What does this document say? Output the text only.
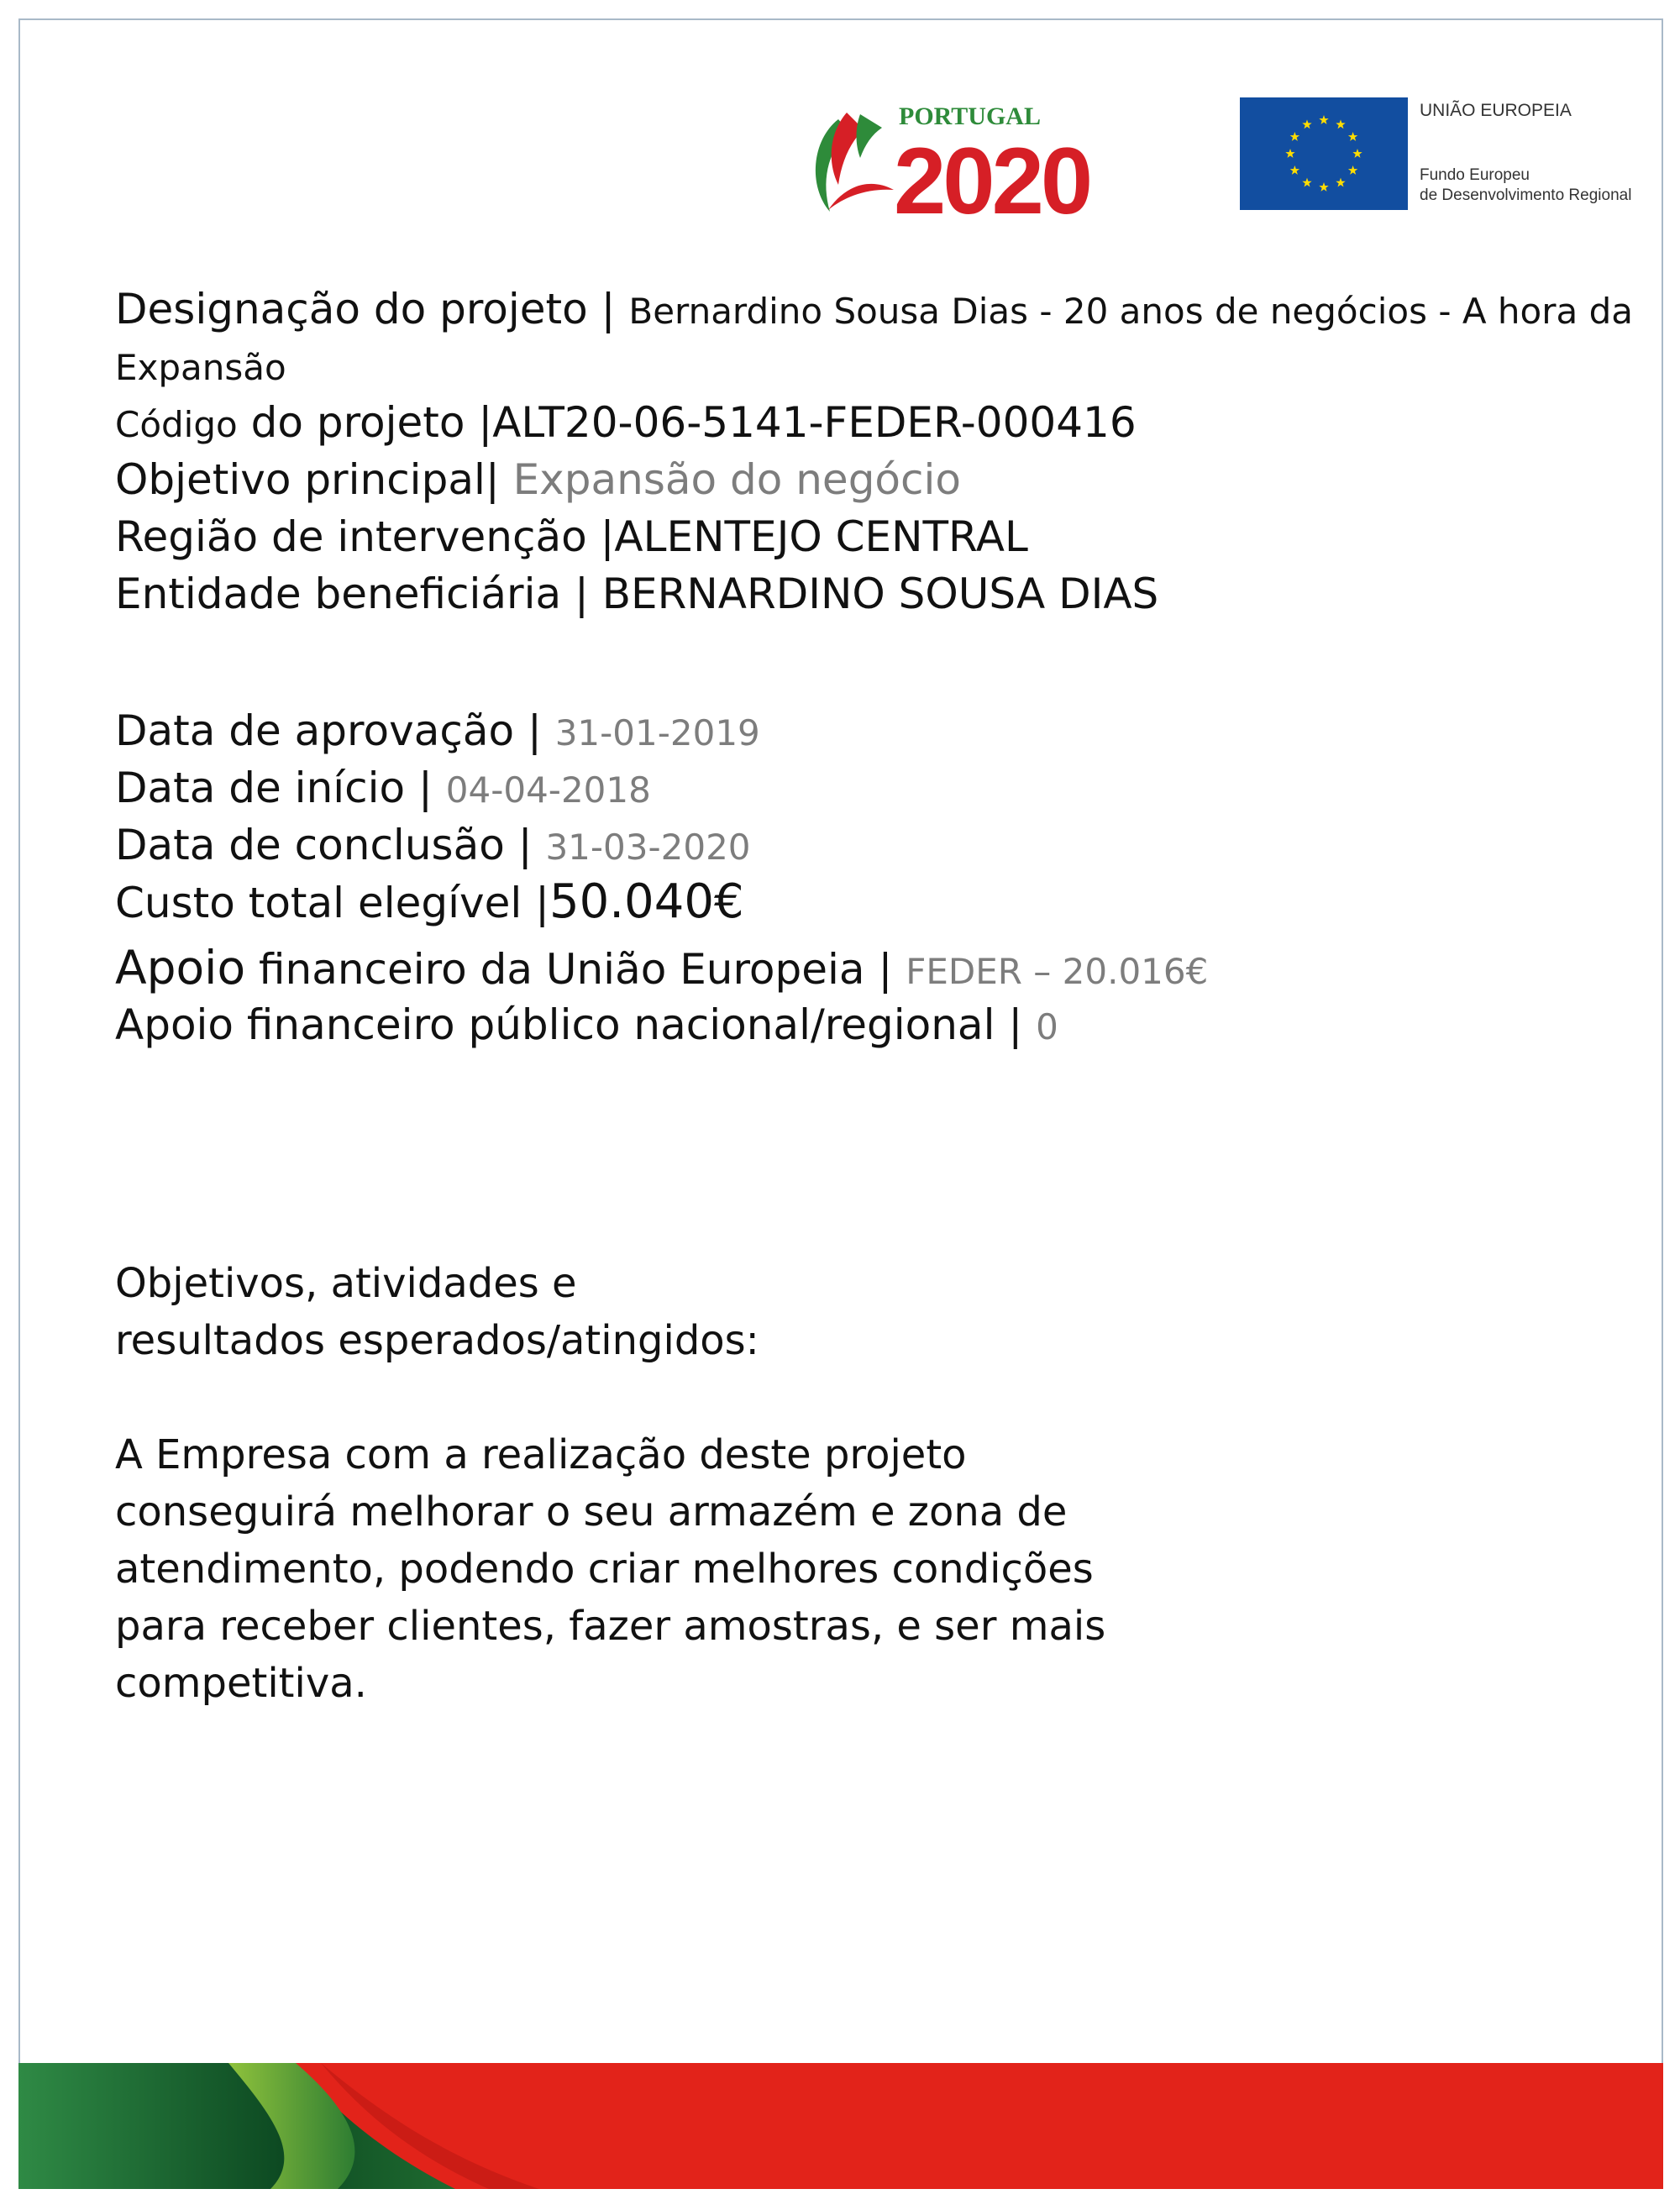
PORTUGAL
2020
UNIÃO EUROPEIA
Fundo Europeu
de Desenvolvimento Regional
Designação do projeto | Bernardino Sousa Dias - 20 anos de negócios - A hora da
Expansão
Código do projeto |ALT20-06-5141-FEDER-000416
Objetivo principal| Expansão do negócio
Região de intervenção |ALENTEJO CENTRAL
Entidade beneficiária | BERNARDINO SOUSA DIAS
Data de aprovação | 31-01-2019
Data de início | 04-04-2018
Data de conclusão | 31-03-2020
Custo total elegível |50.040€
Apoio financeiro da União Europeia | FEDER – 20.016€
Apoio financeiro público nacional/regional | 0
Objetivos, atividades e
resultados esperados/atingidos:
A Empresa com a realização deste projeto
conseguirá melhorar o seu armazém e zona de
atendimento, podendo criar melhores condições
para receber clientes, fazer amostras, e ser mais
competitiva.
